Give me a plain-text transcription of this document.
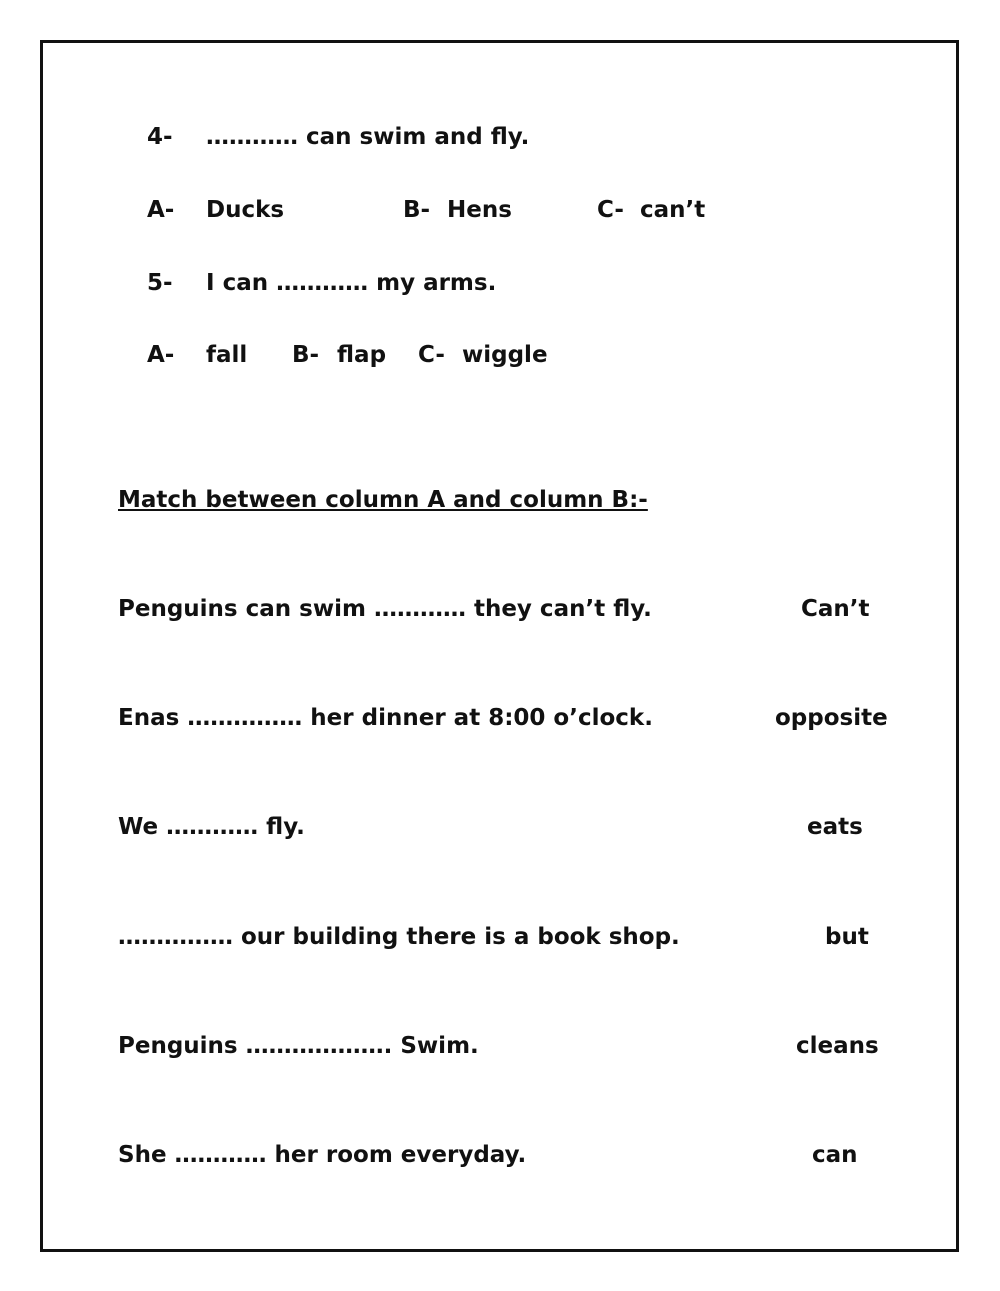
4- ………… can swim and fly.
A- Ducks	B- Hens	C- can’t
5- I can ………… my arms.
A- fall B- flap C- wiggle
Match between column A and column B:-
Penguins can swim ………… they can’t fly.	Can’t
Enas …………… her dinner at 8:00 o’clock.	opposite
We ………… fly.	eats
…………… our building there is a book shop.	but
Penguins ………………. Swim.	cleans
She ………… her room everyday.	can
